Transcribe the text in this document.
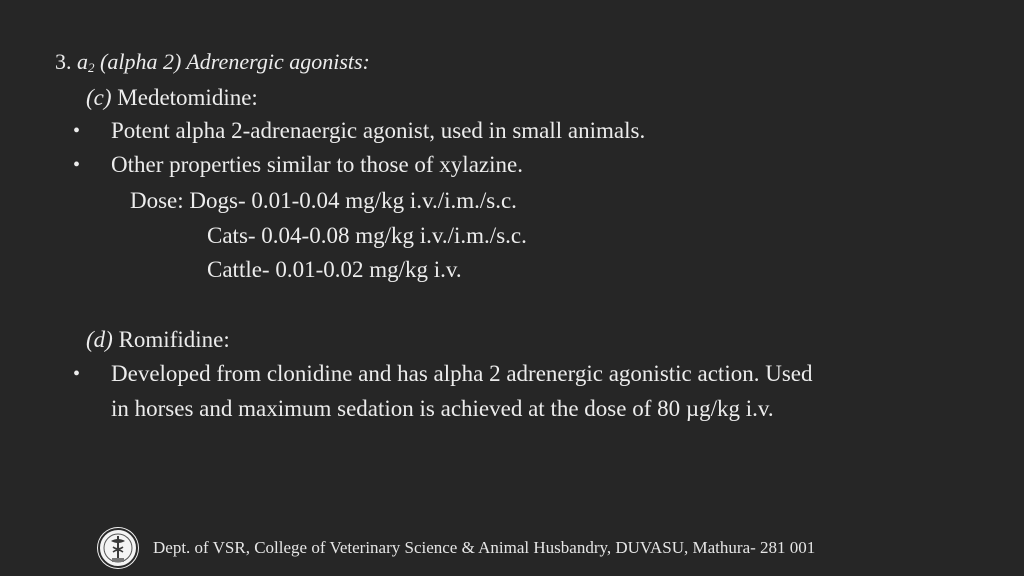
3. $a_2$ (alpha 2) Adrenergic agonists:
(c) Medetomidine:
• Potent alpha 2-adrenaergic agonist, used in small animals.
• Other properties similar to those of xylazine.
Dose: Dogs- 0.01-0.04 mg/kg i.v./i.m./s.c.
Cats- 0.04-0.08 mg/kg i.v./i.m./s.c.
Cattle- 0.01-0.02 mg/kg i.v.
(d) Romifidine:
• Developed from clonidine and has alpha 2 adrenergic agonistic action. Used
in horses and maximum sedation is achieved at the dose of 80 µg/kg i.v.
Dept. of VSR, College of Veterinary Science & Animal Husbandry, DUVASU, Mathura- 281 001
